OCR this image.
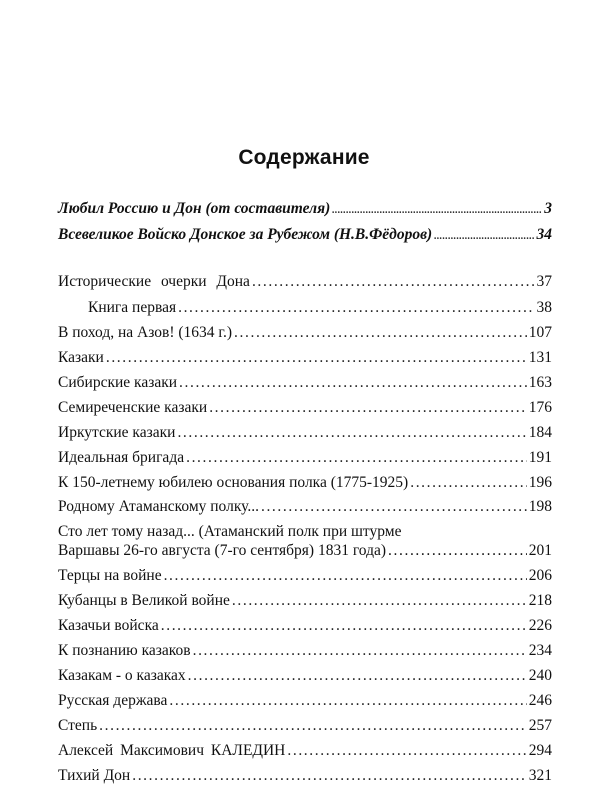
Содержание
Любил Россию и Дон (от составителя) .....	3
Всевеликое Войско Донское за Рубежом (Н.В.Фёдоров) .....	34
Исторические очерки Дона .....	37
Книга первая .....	38
В поход, на Азов! (1634 г.) .....	107
Казаки .....	131
Сибирские казаки .....	163
Семиреченские казаки .....	176
Иркутские казаки .....	184
Идеальная бригада .....	191
К 150-летнему юбилею основания полка (1775-1925) .....	196
Родному Атаманскому полку... .....	198
Сто лет тому назад... (Атаманский полк при штурме
Варшавы 26-го августа (7-го сентября) 1831 года) .....	201
Терцы на войне .....	206
Кубанцы в Великой войне .....	218
Казачьи войска .....	226
К познанию казаков .....	234
Казакам - о казаках .....	240
Русская держава .....	246
Степь .....	257
Алексей Максимович КАЛЕДИН .....	294
Тихий Дон .....	321
